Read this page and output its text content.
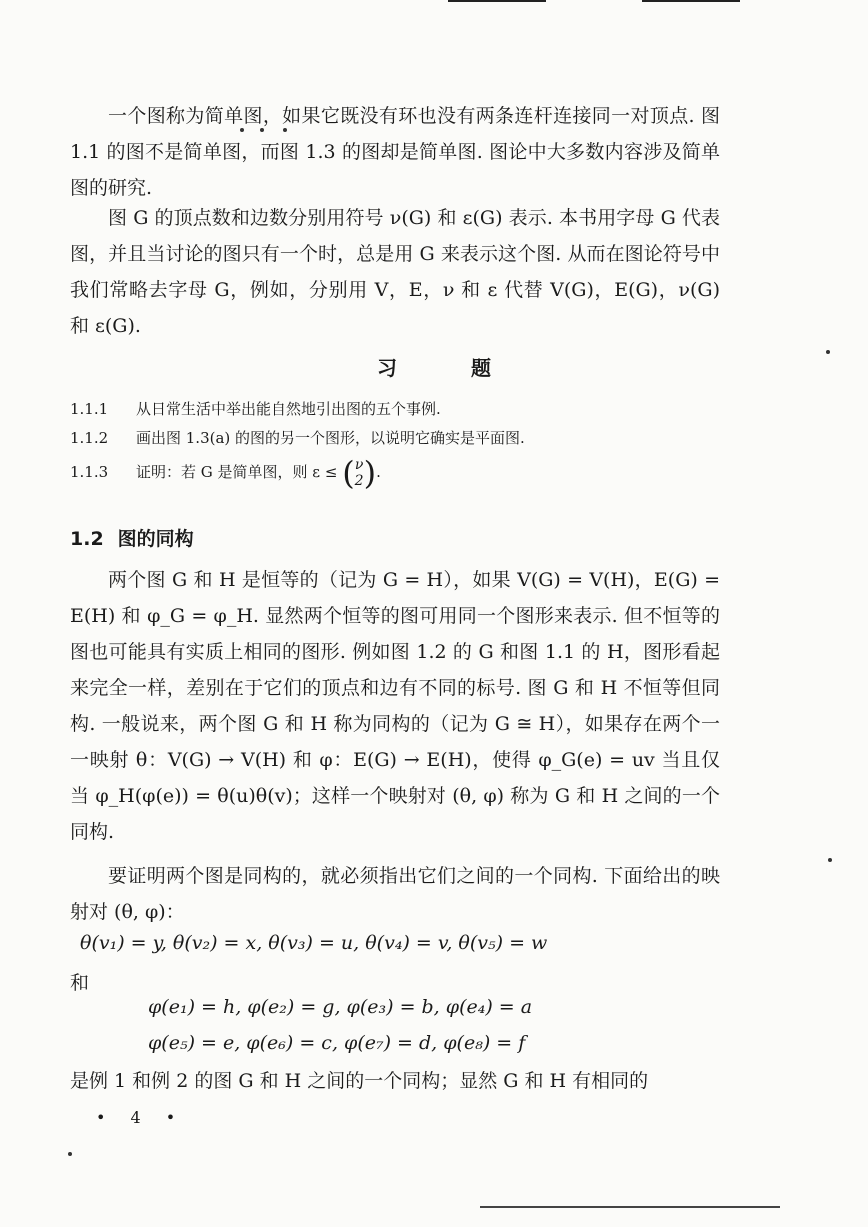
一个图称为简单图，如果它既没有环也没有两条连杆连接同一对顶点. 图 1.1 的图不是简单图，而图 1.3 的图却是简单图. 图论中大多数内容涉及简单图的研究.
图 G 的顶点数和边数分别用符号 ν(G) 和 ε(G) 表示. 本书用字母 G 代表图，并且当讨论的图只有一个时，总是用 G 来表示这个图. 从而在图论符号中我们常略去字母 G，例如，分别用 V，E，ν 和 ε 代替 V(G)，E(G)，ν(G) 和 ε(G).
习	题
1.1.1 从日常生活中举出能自然地引出图的五个事例.
1.1.2 画出图 1.3(a) 的图的另一个图形，以说明它确实是平面图.
1.1.3 证明：若 G 是简单图，则 ε ≤ (ν
2).
1.2 图的同构
两个图 G 和 H 是恒等的（记为 G = H），如果 V(G) = V(H)，E(G) = E(H) 和 φ_G = φ_H. 显然两个恒等的图可用同一个图形来表示. 但不恒等的图也可能具有实质上相同的图形. 例如图 1.2 的 G 和图 1.1 的 H，图形看起来完全一样，差别在于它们的顶点和边有不同的标号. 图 G 和 H 不恒等但同构. 一般说来，两个图 G 和 H 称为同构的（记为 G ≅ H），如果存在两个一一映射 θ：V(G) → V(H) 和 φ：E(G) → E(H)，使得 φ_G(e) = uv 当且仅当 φ_H(φ(e)) = θ(u)θ(v)；这样一个映射对 (θ, φ) 称为 G 和 H 之间的一个同构.
要证明两个图是同构的，就必须指出它们之间的一个同构. 下面给出的映射对 (θ, φ)：
θ(v₁) = y, θ(v₂) = x, θ(v₃) = u, θ(v₄) = v, θ(v₅) = w
和
φ(e₁) = h, φ(e₂) = g, φ(e₃) = b, φ(e₄) = a
φ(e₅) = e, φ(e₆) = c, φ(e₇) = d, φ(e₈) = f
是例 1 和例 2 的图 G 和 H 之间的一个同构；显然 G 和 H 有相同的
• 4 •
